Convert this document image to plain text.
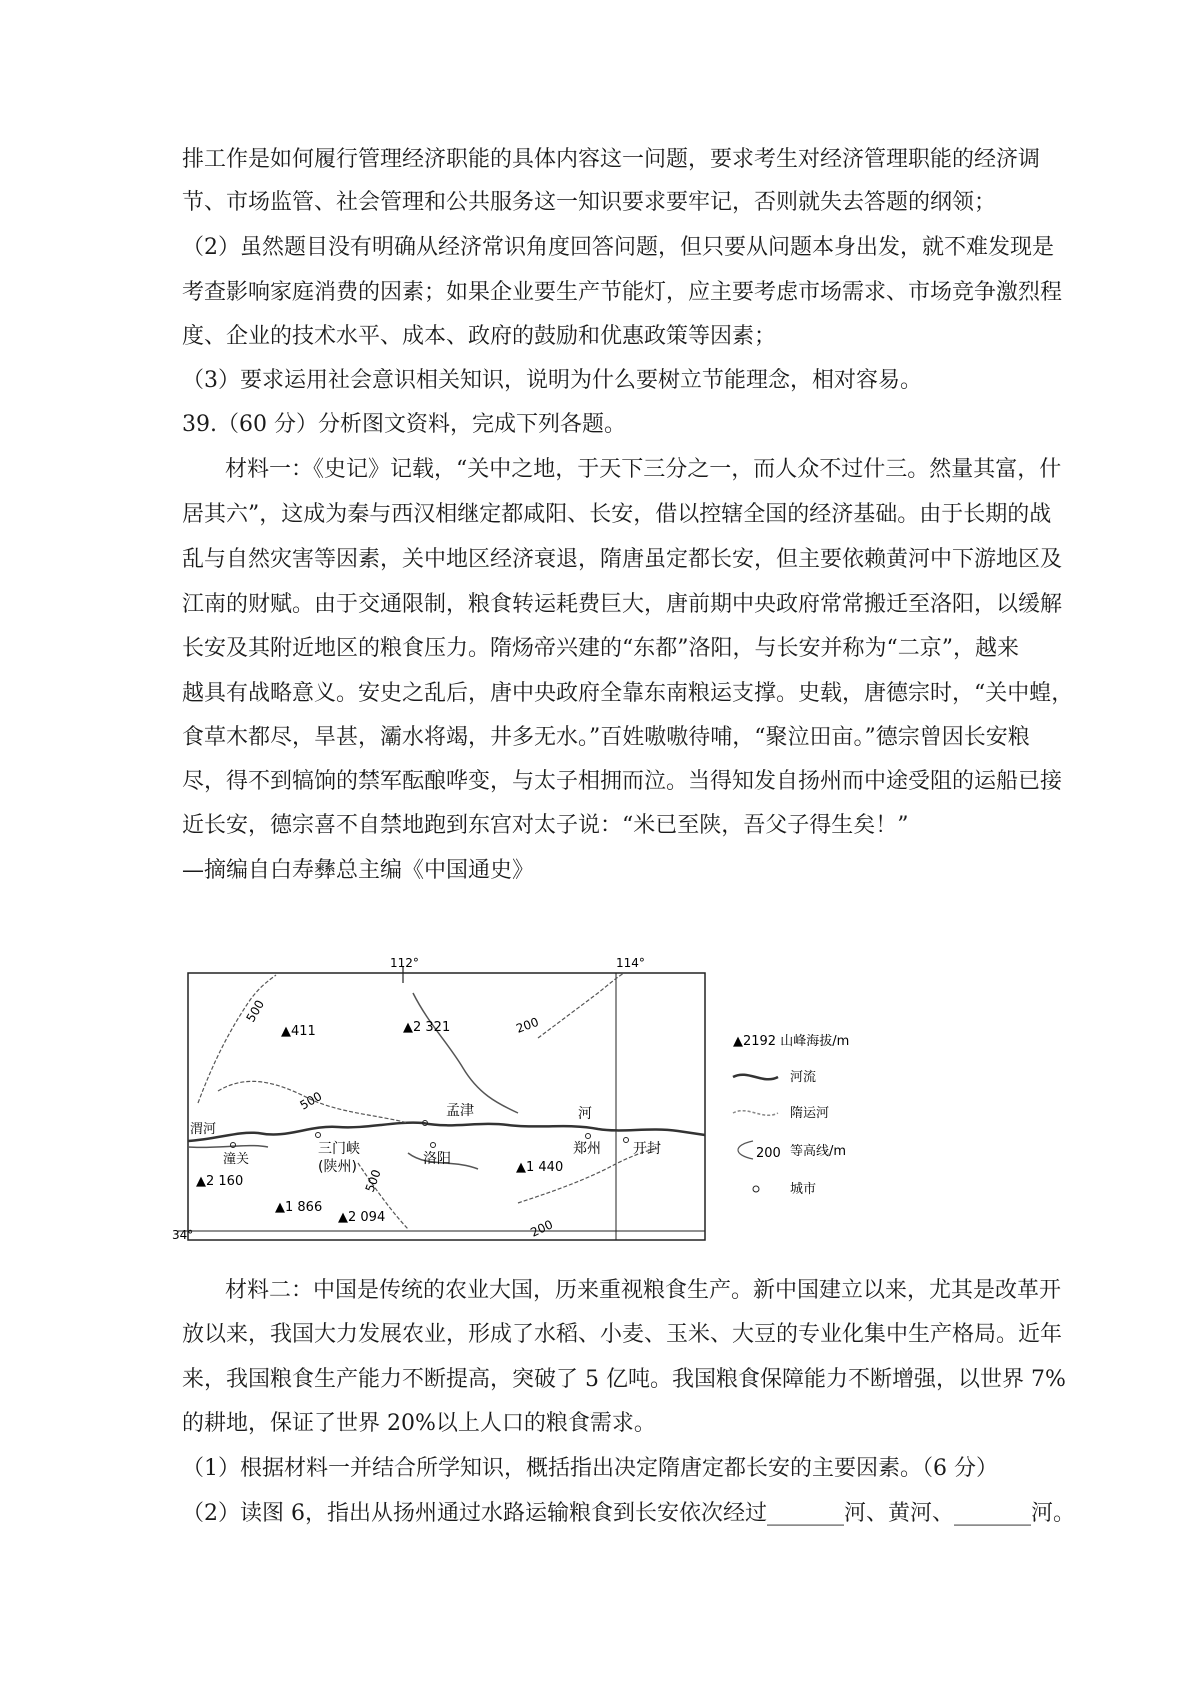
排工作是如何履行管理经济职能的具体内容这一问题，要求考生对经济管理职能的经济调
节、市场监管、社会管理和公共服务这一知识要求要牢记，否则就失去答题的纲领；
（2）虽然题目没有明确从经济常识角度回答问题，但只要从问题本身出发，就不难发现是
考查影响家庭消费的因素；如果企业要生产节能灯，应主要考虑市场需求、市场竞争激烈程
度、企业的技术水平、成本、政府的鼓励和优惠政策等因素；
（3）要求运用社会意识相关知识，说明为什么要树立节能理念，相对容易。
39.（60 分）分析图文资料，完成下列各题。
材料一：《史记》记载，“关中之地，于天下三分之一，而人众不过什三。然量其富，什
居其六”，这成为秦与西汉相继定都咸阳、长安，借以控辖全国的经济基础。由于长期的战
乱与自然灾害等因素，关中地区经济衰退，隋唐虽定都长安，但主要依赖黄河中下游地区及
江南的财赋。由于交通限制，粮食转运耗费巨大，唐前期中央政府常常搬迁至洛阳，以缓解
长安及其附近地区的粮食压力。隋炀帝兴建的“东都”洛阳，与长安并称为“二京”，越来
越具有战略意义。安史之乱后，唐中央政府全靠东南粮运支撑。史载，唐德宗时，“关中蝗，
食草木都尽，旱甚，灞水将竭，井多无水。”百姓嗷嗷待哺，“聚泣田亩。”德宗曾因长安粮
尽，得不到犒饷的禁军酝酿哗变，与太子相拥而泣。当得知发自扬州而中途受阻的运船已接
近长安，德宗喜不自禁地跑到东宫对太子说：“米已至陕，吾父子得生矣！”
—摘编自白寿彝总主编《中国通史》
112°	114°
34°
500
500
500
200
200
▲411	▲2 321
▲2 160
▲1 866
▲2 094
▲1 440
孟津	河
郑州 开封
三门峡
(陕州)	洛阳
潼关
渭河
▲2192 山峰海拔/m
河流
隋运河
200 等高线/m
城市
材料二：中国是传统的农业大国，历来重视粮食生产。新中国建立以来，尤其是改革开
放以来，我国大力发展农业，形成了水稻、小麦、玉米、大豆的专业化集中生产格局。近年
来，我国粮食生产能力不断提高，突破了 5 亿吨。我国粮食保障能力不断增强，以世界 7%
的耕地，保证了世界 20%以上人口的粮食需求。
（1）根据材料一并结合所学知识，概括指出决定隋唐定都长安的主要因素。（6 分）
（2）读图 6，指出从扬州通过水路运输粮食到长安依次经过_______河、黄河、_______河。
